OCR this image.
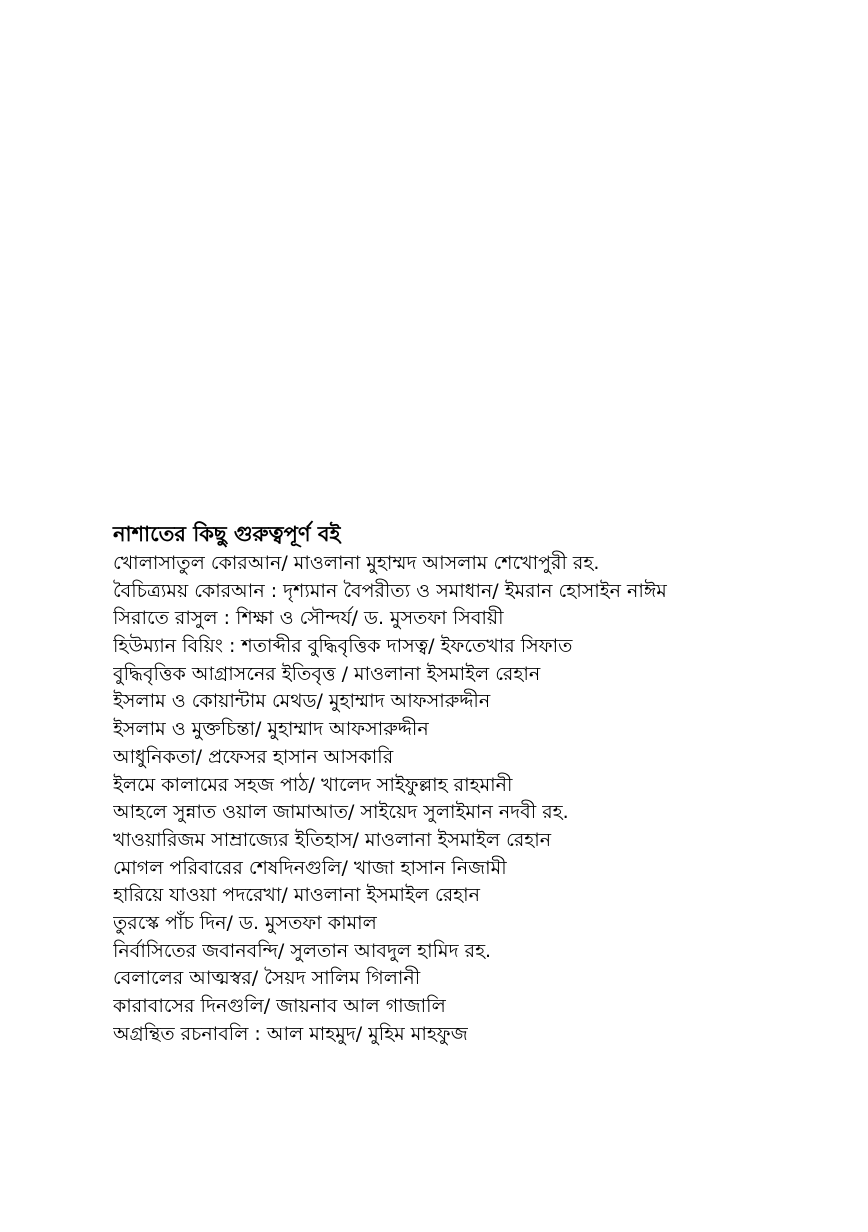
নাশাতের কিছু গুরুত্বপূর্ণ বই
খোলাসাতুল কোরআন/ মাওলানা মুহাম্মদ আসলাম শেখোপুরী রহ.
বৈচিত্র্যময় কোরআন : দৃশ্যমান বৈপরীত্য ও সমাধান/ ইমরান হোসাইন নাঈম
সিরাতে রাসুল : শিক্ষা ও সৌন্দর্য/ ড. মুসতফা সিবায়ী
হিউম্যান বিয়িং : শতাব্দীর বুদ্ধিবৃত্তিক দাসত্ব/ ইফতেখার সিফাত
বুদ্ধিবৃত্তিক আগ্রাসনের ইতিবৃত্ত / মাওলানা ইসমাইল রেহান
ইসলাম ও কোয়ান্টাম মেথড/ মুহাম্মাদ আফসারুদ্দীন
ইসলাম ও মুক্তচিন্তা/ মুহাম্মাদ আফসারুদ্দীন
আধুনিকতা/ প্রফেসর হাসান আসকারি
ইলমে কালামের সহজ পাঠ/ খালেদ সাইফুল্লাহ রাহমানী
আহলে সুন্নাত ওয়াল জামাআত/ সাইয়েদ সুলাইমান নদবী রহ.
খাওয়ারিজম সাম্রাজ্যের ইতিহাস/ মাওলানা ইসমাইল রেহান
মোগল পরিবারের শেষদিনগুলি/ খাজা হাসান নিজামী
হারিয়ে যাওয়া পদরেখা/ মাওলানা ইসমাইল রেহান
তুরস্কে পাঁচ দিন/ ড. মুসতফা কামাল
নির্বাসিতের জবানবন্দি/ সুলতান আবদুল হামিদ রহ.
বেলালের আত্মস্বর/ সৈয়দ সালিম গিলানী
কারাবাসের দিনগুলি/ জায়নাব আল গাজালি
অগ্রন্থিত রচনাবলি : আল মাহমুদ/ মুহিম মাহফুজ
